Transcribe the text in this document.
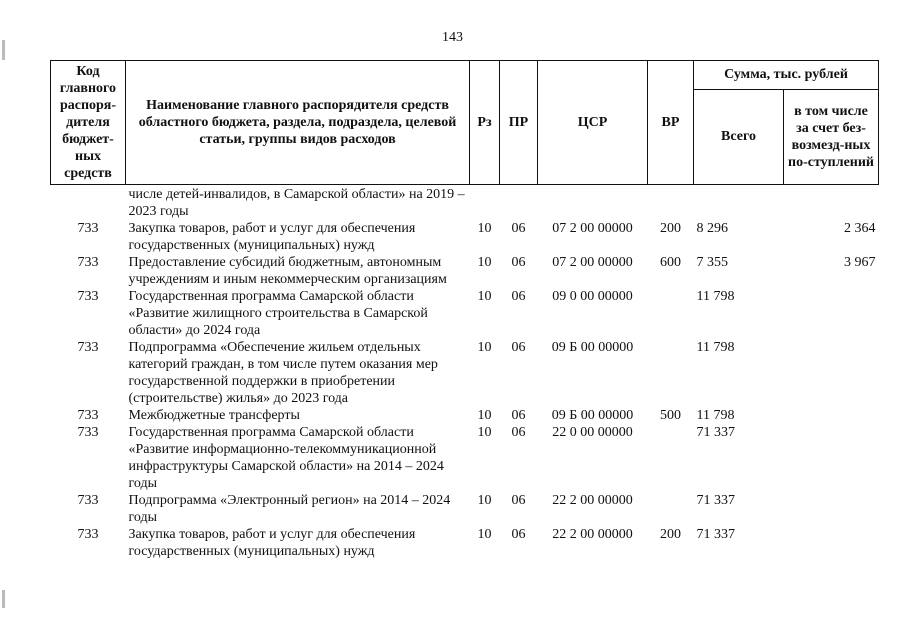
143
Код главного распоря-дителя бюджет-ных средств	Наименование главного распорядителя средств областного бюджета, раздела, подраздела, целевой статьи, группы видов расходов	Рз	ПР	ЦСР	ВР	Сумма, тыс. рублей	
						Всего	в том числе за счет без-возмезд-ных по-ступлений
	числе детей-инвалидов, в Самарской области» на 2019 – 2023 годы						
733	Закупка товаров, работ и услуг для обеспечения государственных (муниципальных) нужд	10	06	07 2 00 00000	200	8 296	2 364
733	Предоставление субсидий бюджетным, автономным учреждениям и иным некоммерческим организациям	10	06	07 2 00 00000	600	7 355	3 967
733	Государственная программа Самарской области «Развитие жилищного строительства в Самарской области» до 2024 года	10	06	09 0 00 00000		11 798	
733	Подпрограмма «Обеспечение жильем отдельных категорий граждан, в том числе путем оказания мер государственной поддержки в приобретении (строительстве) жилья» до 2023 года	10	06	09 Б 00 00000		11 798	
733	Межбюджетные трансферты	10	06	09 Б 00 00000	500	11 798	
733	Государственная программа Самарской области «Развитие информационно-телекоммуникационной инфраструктуры Самарской области» на 2014 – 2024 годы	10	06	22 0 00 00000		71 337	
733	Подпрограмма «Электронный регион» на 2014 – 2024 годы	10	06	22 2 00 00000		71 337	
733	Закупка товаров, работ и услуг для обеспечения государственных (муниципальных) нужд	10	06	22 2 00 00000	200	71 337	
